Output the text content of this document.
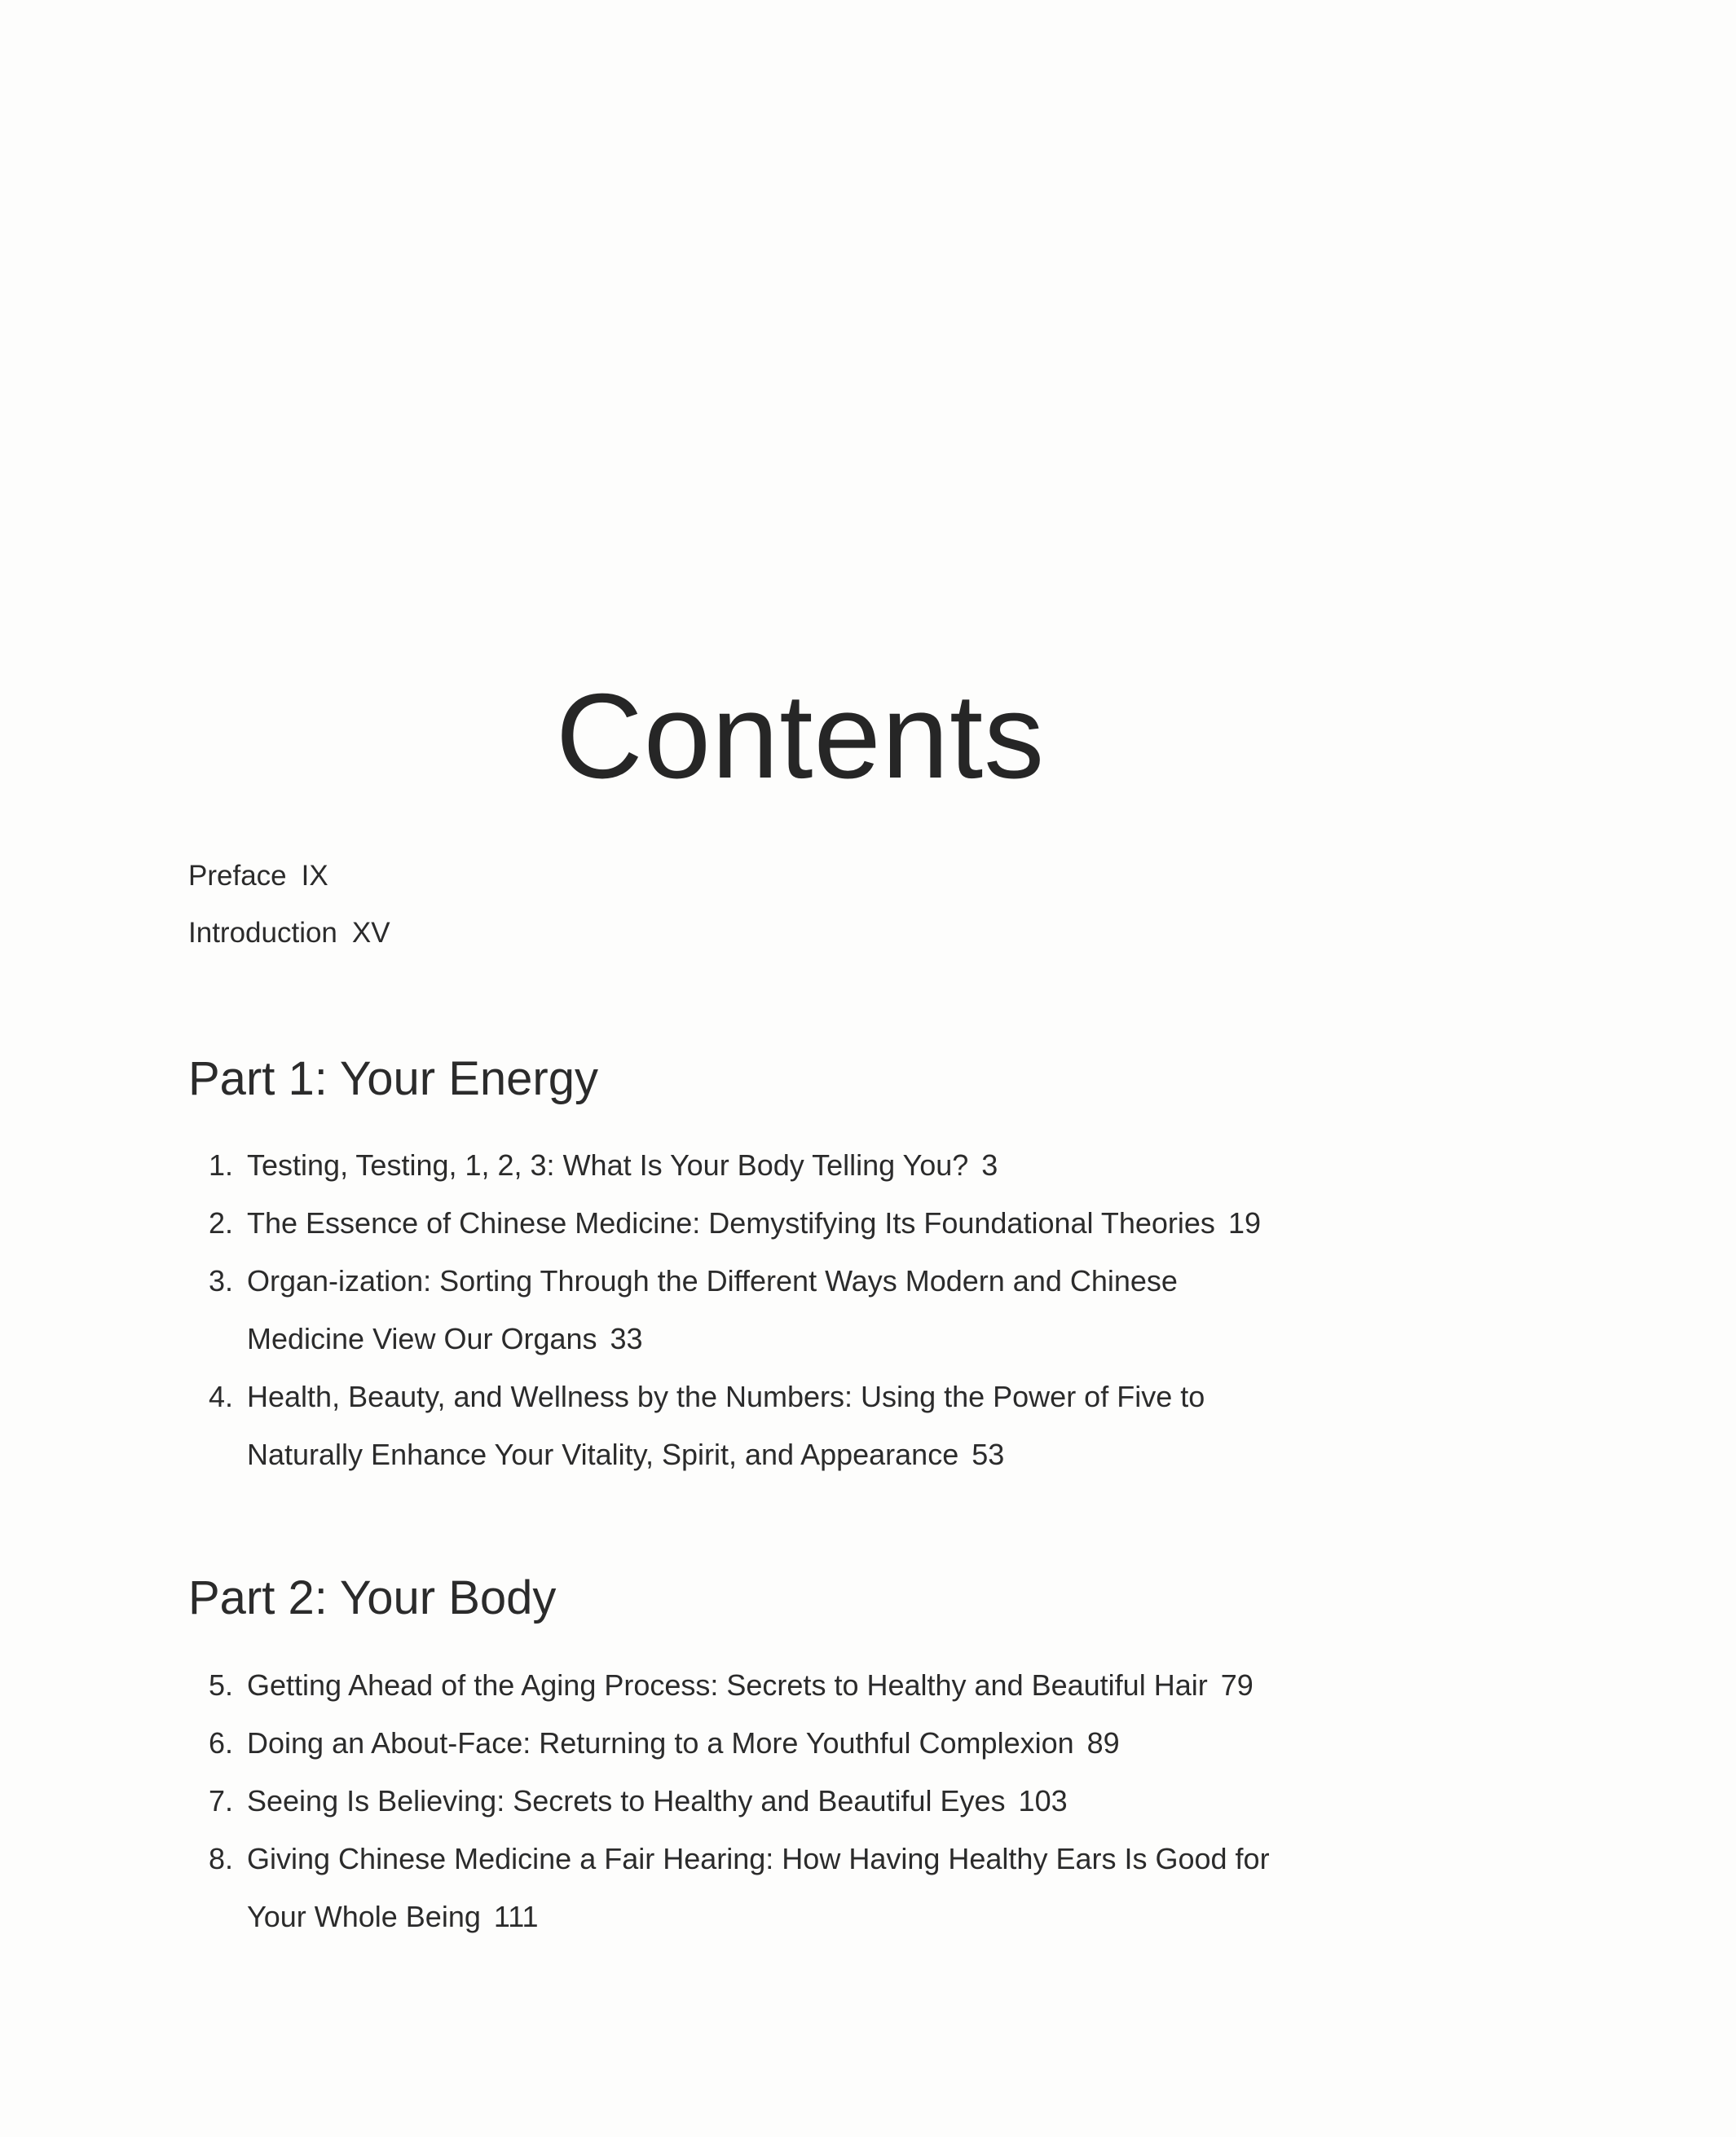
Contents
Preface IX
Introduction XV
Part 1: Your Energy
1. Testing, Testing, 1, 2, 3: What Is Your Body Telling You? 3
2. The Essence of Chinese Medicine: Demystifying Its Foundational Theories 19
3. Organ-ization: Sorting Through the Different Ways Modern and Chinese
Medicine View Our Organs 33
4. Health, Beauty, and Wellness by the Numbers: Using the Power of Five to
Naturally Enhance Your Vitality, Spirit, and Appearance 53
Part 2: Your Body
5. Getting Ahead of the Aging Process: Secrets to Healthy and Beautiful Hair 79
6. Doing an About-Face: Returning to a More Youthful Complexion 89
7. Seeing Is Believing: Secrets to Healthy and Beautiful Eyes 103
8. Giving Chinese Medicine a Fair Hearing: How Having Healthy Ears Is Good for
Your Whole Being 111
